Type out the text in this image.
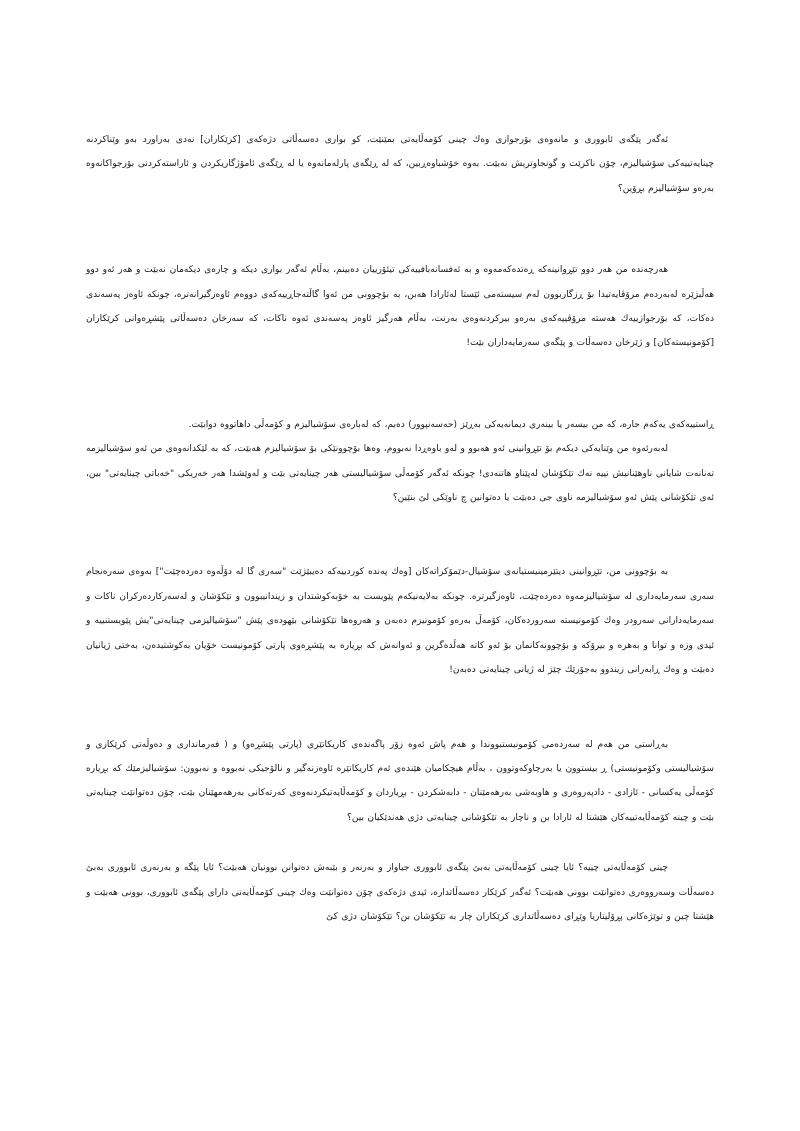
ئەگەر پێگەی ئابووری و مانەوەی بۆرجوازی وەك چینی كۆمەڵایەتی بمێنێت، كو بواری دەسەڵاتی دژەكەی [كرێكاران] نەدی بەراورد بەو وێناكردنە چینایەتییەكی سۆشیالیزم، چۆن ناكرێت و گونجاوتریش نەبێت. بەوە خۆشباوەڕبین، كە لە ڕێگەی پارلەمانەوە یا لە ڕێگەی ئامۆژگاریكردن و ئاراستەكردنی بۆرجواكانەوە بەرەو سۆشیالیزم بڕۆین؟

هەرچەندە من هەر دوو تێڕوانینەكە ڕەتدەكەمەوە و بە ئەفسانەبافییەكی تیئۆرییان دەبینم، بەڵام ئەگەر بواری دیكە و چارەی دیكەمان نەبێت و هەر ئەو دوو هەڵبژێرە لەبەردەم مرۆڤایەتیدا بۆ ڕزگاربوون لەم سیستەمی ئێستا لەئارادا هەبن، بە بۆچوونی من ئەوا گاڵتەجاڕییەكەی دووەم ئاوەزگیرانەترە، چونكە ئاوەز پەسەندی دەكات، كە بۆرجوازییەك هەستە مرۆڤییەكەی بەرەو بیركردنەوەی بەرنت، بەڵام هەرگیز ئاوەز پەسەندی ئەوە ناكات، كە سەرخان دەسەڵاتی پێشڕەوانی كرێكاران [كۆمونیستەكان] و ژێرخان دەسەڵات و پێگەی سەرمایەداران بێت!

ڕاستییەكەی یەكەم جارە، كە من بیسەر یا بینەری دیمانەیەكی بەڕێز (حەسەنپوور) دەبم، كە لەبارەی سۆشیالیزم و كۆمەڵی داهاتووە دوابێت.

لەبەرئەوە من وێنایەكی دیكەم بۆ تێڕوانینی ئەو هەبوو و لەو باوەڕدا نەبووم، وەها بۆچوونێكی بۆ سۆشیالیزم هەبێت، كە بە لێكدانەوەی من ئەو سۆشیالیزمە تەنانەت شایانی ناوهێنانیش نییە نەك تێكۆشان لەپێناو هاتنەدی! چونكە ئەگەر كۆمەڵی سۆشیالیستی هەر چینایەتی بێت و لەوێشدا هەر خەریكی "خەباتی چینایەتی" بین، ئەی تێكۆشانی پێش ئەو سۆشیالیزمە ناوی جی دەبێت یا دەتوانین چ ناوێكی لێ بنێین؟

بە بۆچوونی من، تێڕوانینی دیتێرمینیستیانەی سۆشیال-دێمۆكراتەكان [وەك پەندە كوردییەكە دەیبێژێت "سەری گا لە دۆڵەوە دەردەچێت"] بەوەی سەرەنجام سەری سەرمایەداری لە سۆشیالیزمەوە دەردەچێت، ئاوەزگیرترە. چونكە بەلایەنیكەم پێویست بە خۆبەكوشتدان و زیندانیبوون و تێكۆشان و لەسەركاردەركران ناكات و سەرمایەدارانی سەرودر وەك كۆمونیستە سەروردەكان، كۆمەڵ بەرەو كۆمونیزم دەبەن و هەروەها تێكۆشانی بێهودەی پێش "سۆشیالیزمی چینایەتی"یش پێویستنییە و ئیدی وزە و توانا و بەهرە و بیرۆكە و بۆچوونەكانمان بۆ ئەو كاتە هەڵدەگرین و ئەوانەش كە بڕیارە بە پێشڕەوی پارتی كۆمونیست خۆیان بەكوشتبدەن، بەختی ژیانیان دەبێت و وەك ڕابەرانی زیندوو بەجۆرێك چێژ لە ژیانی چینایەتی دەبەن!

بەڕاستی من هەم لە سەردەمی كۆمونیستبووندا و هەم پاش ئەوە زۆر پاگەندەی كاریكاتێری (پارتی پێشڕەو) و ( فەرماندارى و دەوڵەتی كرێكاری و سۆشیالیستی وكۆمونیستی) ڕ بیستوون یا بەرچاوكەوتوون ، بەڵام هیچكامیان هێندەی ئەم كاریكاتێرە ئاوەزنەگیر و نالۆجیكی نەبووە و نەبوون: سۆشیالیزمێك كە بڕیارە كۆمەڵی یەكسانی - ئازادی - دادپەروەری و هاوبەشی بەرهەمێنان - دابەشكردن - بڕیاردان و كۆمەڵایەتیكردنەوەی كەرتەكانی بەرهەمهێنان بێت، چۆن دەتوانێت چینایەتی بێت و چینە كۆمەڵایەتییەكان هێشتا لە ئارادا بن و ناچار بە تێكۆشانی چینایەتی دژی هەندێكیان بین؟

چینی كۆمەڵایەتی چییە؟ ئایا چینی كۆمەڵایەتی بەبێ پێگەی ئابووری جیاواز و بەرنەر و بێبەش دەتوانن بوونیان هەبێت؟ ئایا پێگە و بەرنەری ئابووری بەبێ دەسەڵات وسەرووەری دەتوانێت بوونی هەبێت؟ ئەگەر كرێكار دەسەڵاتدارە، ئیدی دژەكەی چۆن دەتوانێت وەك چینی كۆمەڵایەتی دارای پێگەی ئابووری، بوونی هەبێت و هێشتا چین و توێژەكانی پڕۆلیتاریا وێڕای دەسەڵاتداری كرێكاران چار بە تێكۆشان بن؟ تێكۆشان دژی كێ
